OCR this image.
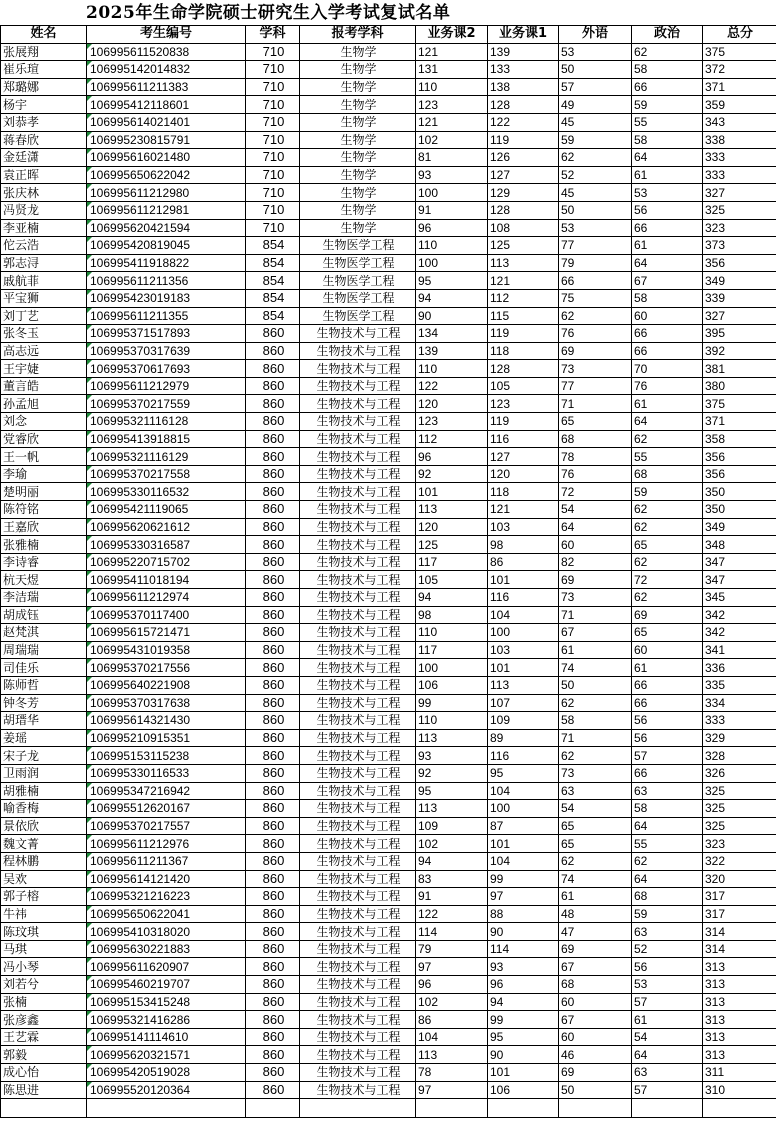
2025年生命学院硕士研究生入学考试复试名单
姓名	考生编号	学科	报考学科	业务课2	业务课1	外语	政治	总分
张展翔	106995611520838	710	生物学	121	139	53	62	375
崔乐瑄	106995142014832	710	生物学	131	133	50	58	372
郑璐娜	106995611211383	710	生物学	110	138	57	66	371
杨宇	106995412118601	710	生物学	123	128	49	59	359
刘恭孝	106995614021401	710	生物学	121	122	45	55	343
蒋春欣	106995230815791	710	生物学	102	119	59	58	338
金廷潇	106995616021480	710	生物学	81	126	62	64	333
袁正晖	106995650622042	710	生物学	93	127	52	61	333
张庆林	106995611212980	710	生物学	100	129	45	53	327
冯贤龙	106995611212981	710	生物学	91	128	50	56	325
李亚楠	106995620421594	710	生物学	96	108	53	66	323
佗云浩	106995420819045	854	生物医学工程	110	125	77	61	373
郭志浔	106995411918822	854	生物医学工程	100	113	79	64	356
戚航菲	106995611211356	854	生物医学工程	95	121	66	67	349
平宝狮	106995423019183	854	生物医学工程	94	112	75	58	339
刘丁艺	106995611211355	854	生物医学工程	90	115	62	60	327
张冬玉	106995371517893	860	生物技术与工程	134	119	76	66	395
高志远	106995370317639	860	生物技术与工程	139	118	69	66	392
王宇婕	106995370617693	860	生物技术与工程	110	128	73	70	381
董言皓	106995611212979	860	生物技术与工程	122	105	77	76	380
孙孟旭	106995370217559	860	生物技术与工程	120	123	71	61	375
刘念	106995321116128	860	生物技术与工程	123	119	65	64	371
党睿欣	106995413918815	860	生物技术与工程	112	116	68	62	358
王一帆	106995321116129	860	生物技术与工程	96	127	78	55	356
李瑜	106995370217558	860	生物技术与工程	92	120	76	68	356
楚明丽	106995330116532	860	生物技术与工程	101	118	72	59	350
陈符铭	106995421119065	860	生物技术与工程	113	121	54	62	350
王嘉欣	106995620621612	860	生物技术与工程	120	103	64	62	349
张雅楠	106995330316587	860	生物技术与工程	125	98	60	65	348
李诗睿	106995220715702	860	生物技术与工程	117	86	82	62	347
杭天煜	106995411018194	860	生物技术与工程	105	101	69	72	347
李洁瑞	106995611212974	860	生物技术与工程	94	116	73	62	345
胡成钰	106995370117400	860	生物技术与工程	98	104	71	69	342
赵梵淇	106995615721471	860	生物技术与工程	110	100	67	65	342
周瑞瑞	106995431019358	860	生物技术与工程	117	103	61	60	341
司佳乐	106995370217556	860	生物技术与工程	100	101	74	61	336
陈师哲	106995640221908	860	生物技术与工程	106	113	50	66	335
钟冬芳	106995370317638	860	生物技术与工程	99	107	62	66	334
胡瑨华	106995614321430	860	生物技术与工程	110	109	58	56	333
姜瑶	106995210915351	860	生物技术与工程	113	89	71	56	329
宋子龙	106995153115238	860	生物技术与工程	93	116	62	57	328
卫雨润	106995330116533	860	生物技术与工程	92	95	73	66	326
胡雅楠	106995347216942	860	生物技术与工程	95	104	63	63	325
喻香梅	106995512620167	860	生物技术与工程	113	100	54	58	325
景依欣	106995370217557	860	生物技术与工程	109	87	65	64	325
魏文菁	106995611212976	860	生物技术与工程	102	101	65	55	323
程林鹏	106995611211367	860	生物技术与工程	94	104	62	62	322
吴欢	106995614121420	860	生物技术与工程	83	99	74	64	320
郭子榕	106995321216223	860	生物技术与工程	91	97	61	68	317
牛祎	106995650622041	860	生物技术与工程	122	88	48	59	317
陈玟琪	106995410318020	860	生物技术与工程	114	90	47	63	314
马琪	106995630221883	860	生物技术与工程	79	114	69	52	314
冯小琴	106995611620907	860	生物技术与工程	97	93	67	56	313
刘若兮	106995460219707	860	生物技术与工程	96	96	68	53	313
张楠	106995153415248	860	生物技术与工程	102	94	60	57	313
张彦鑫	106995321416286	860	生物技术与工程	86	99	67	61	313
王艺霖	106995141114610	860	生物技术与工程	104	95	60	54	313
郭毅	106995620321571	860	生物技术与工程	113	90	46	64	313
成心怡	106995420519028	860	生物技术与工程	78	101	69	63	311
陈思进	106995520120364	860	生物技术与工程	97	106	50	57	310
